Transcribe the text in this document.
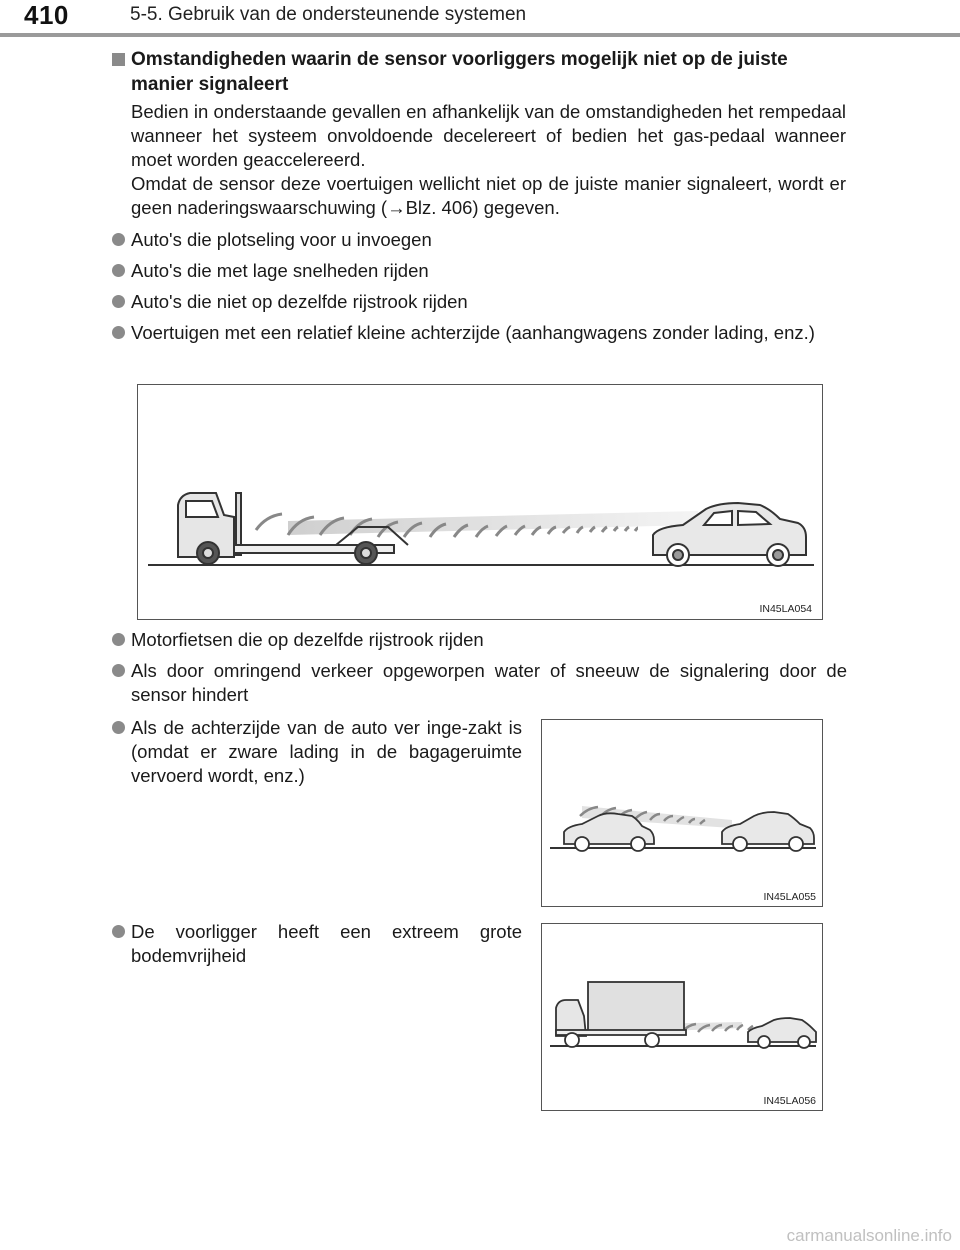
410	5-5. Gebruik van de ondersteunende systemen
Omstandigheden waarin de sensor voorliggers mogelijk niet op de juiste manier signaleert
Bedien in onderstaande gevallen en afhankelijk van de omstandigheden het rempedaal wanneer het systeem onvoldoende decelereert of bedien het gas-pedaal wanneer moet worden geaccelereerd.
Omdat de sensor deze voertuigen wellicht niet op de juiste manier signaleert, wordt er geen naderingswaarschuwing (→Blz. 406) gegeven.
Auto's die plotseling voor u invoegen
Auto's die met lage snelheden rijden
Auto's die niet op dezelfde rijstrook rijden
Voertuigen met een relatief kleine achterzijde (aanhangwagens zonder lading, enz.)
IN45LA054
Motorfietsen die op dezelfde rijstrook rijden
Als door omringend verkeer opgeworpen water of sneeuw de signalering door de sensor hindert
Als de achterzijde van de auto ver inge-zakt is (omdat er zware lading in de bagageruimte vervoerd wordt, enz.)
IN45LA055
De voorligger heeft een extreem grote bodemvrijheid
IN45LA056
carmanualsonline.info
